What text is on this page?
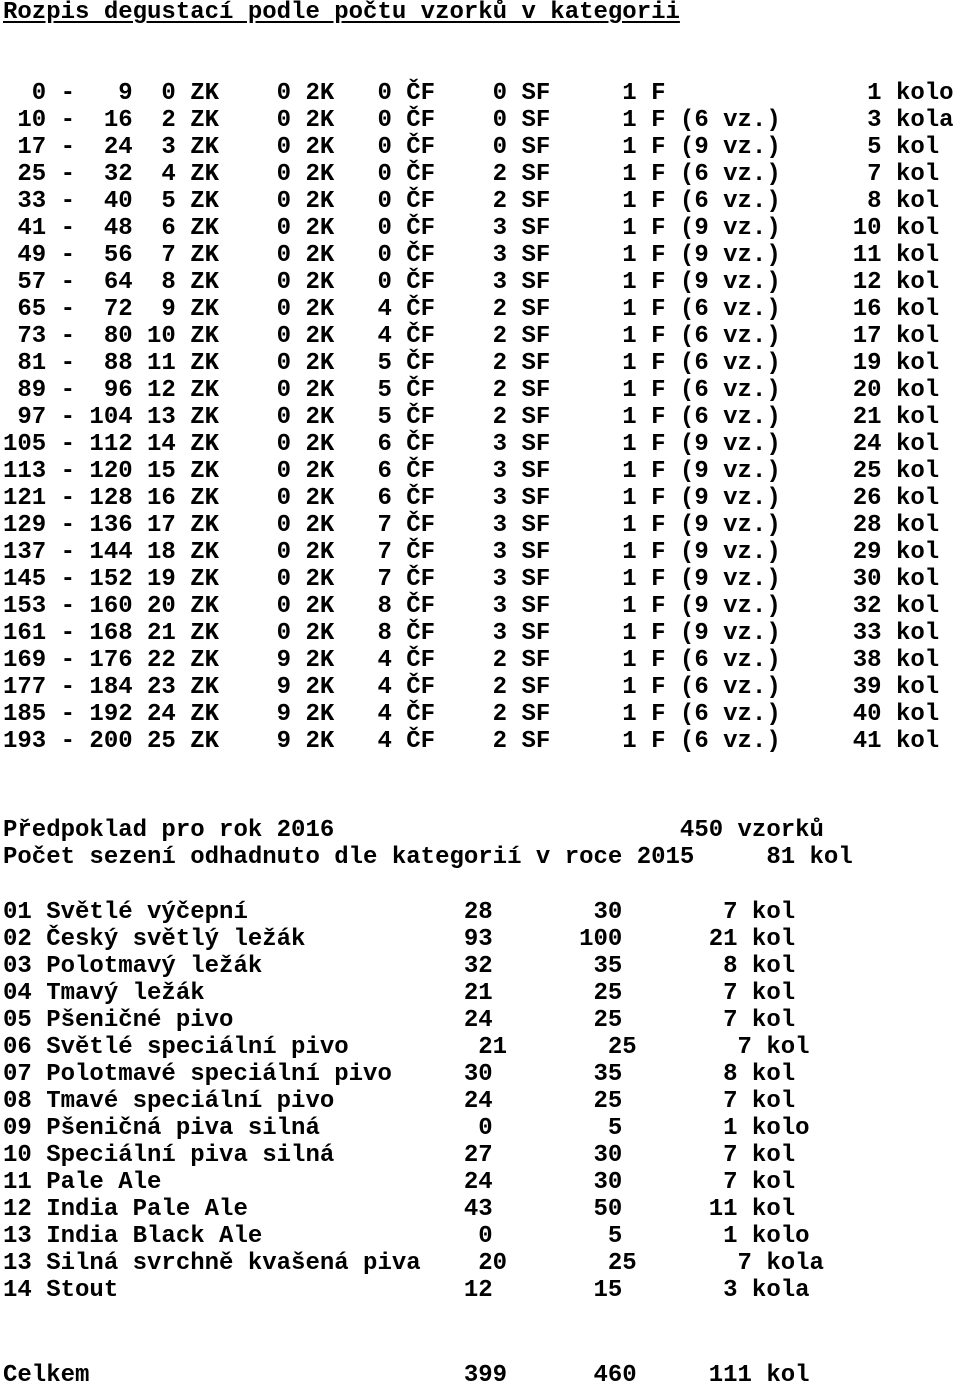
Rozpis degustací podle počtu vzorků v kategorii
0 -   9  0 ZK    0 2K   0 ČF    0 SF     1 F              1 kolo
10 -  16  2 ZK    0 2K   0 ČF    0 SF     1 F (6 vz.)      3 kola
17 -  24  3 ZK    0 2K   0 ČF    0 SF     1 F (9 vz.)      5 kol
25 -  32  4 ZK    0 2K   0 ČF    2 SF     1 F (6 vz.)      7 kol
33 -  40  5 ZK    0 2K   0 ČF    2 SF     1 F (6 vz.)      8 kol
41 -  48  6 ZK    0 2K   0 ČF    3 SF     1 F (9 vz.)     10 kol
49 -  56  7 ZK    0 2K   0 ČF    3 SF     1 F (9 vz.)     11 kol
57 -  64  8 ZK    0 2K   0 ČF    3 SF     1 F (9 vz.)     12 kol
65 -  72  9 ZK    0 2K   4 ČF    2 SF     1 F (6 vz.)     16 kol
73 -  80 10 ZK    0 2K   4 ČF    2 SF     1 F (6 vz.)     17 kol
81 -  88 11 ZK    0 2K   5 ČF    2 SF     1 F (6 vz.)     19 kol
89 -  96 12 ZK    0 2K   5 ČF    2 SF     1 F (6 vz.)     20 kol
97 - 104 13 ZK    0 2K   5 ČF    2 SF     1 F (6 vz.)     21 kol
105 - 112 14 ZK    0 2K   6 ČF    3 SF     1 F (9 vz.)     24 kol
113 - 120 15 ZK    0 2K   6 ČF    3 SF     1 F (9 vz.)     25 kol
121 - 128 16 ZK    0 2K   6 ČF    3 SF     1 F (9 vz.)     26 kol
129 - 136 17 ZK    0 2K   7 ČF    3 SF     1 F (9 vz.)     28 kol
137 - 144 18 ZK    0 2K   7 ČF    3 SF     1 F (9 vz.)     29 kol
145 - 152 19 ZK    0 2K   7 ČF    3 SF     1 F (9 vz.)     30 kol
153 - 160 20 ZK    0 2K   8 ČF    3 SF     1 F (9 vz.)     32 kol
161 - 168 21 ZK    0 2K   8 ČF    3 SF     1 F (9 vz.)     33 kol
169 - 176 22 ZK    9 2K   4 ČF    2 SF     1 F (6 vz.)     38 kol
177 - 184 23 ZK    9 2K   4 ČF    2 SF     1 F (6 vz.)     39 kol
185 - 192 24 ZK    9 2K   4 ČF    2 SF     1 F (6 vz.)     40 kol
193 - 200 25 ZK    9 2K   4 ČF    2 SF     1 F (6 vz.)     41 kol
Předpoklad pro rok 2016                        450 vzorků
Počet sezení odhadnuto dle kategorií v roce 2015     81 kol
01 Světlé výčepní               28       30       7 kol
02 Český světlý ležák           93      100      21 kol
03 Polotmavý ležák              32       35       8 kol
04 Tmavý ležák                  21       25       7 kol
05 Pšeničné pivo                24       25       7 kol
06 Světlé speciální pivo         21       25       7 kol
07 Polotmavé speciální pivo     30       35       8 kol
08 Tmavé speciální pivo         24       25       7 kol
09 Pšeničná piva silná           0        5       1 kolo
10 Speciální piva silná         27       30       7 kol
11 Pale Ale                     24       30       7 kol
12 India Pale Ale               43       50      11 kol
13 India Black Ale               0        5       1 kolo
13 Silná svrchně kvašená piva    20       25       7 kola
14 Stout                        12       15       3 kola
Celkem                          399      460     111 kol
